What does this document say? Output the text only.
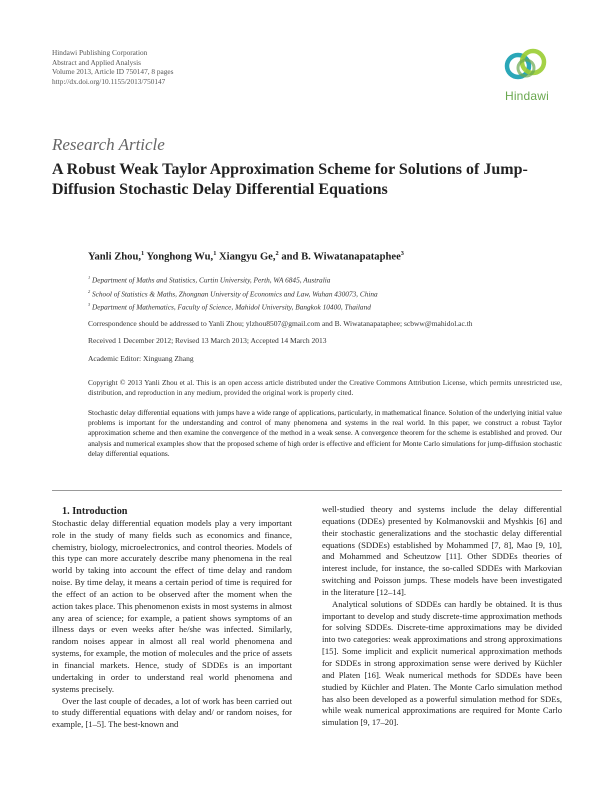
Hindawi Publishing Corporation
Abstract and Applied Analysis
Volume 2013, Article ID 750147, 8 pages
http://dx.doi.org/10.1155/2013/750147
Hindawi
Research Article
A Robust Weak Taylor Approximation Scheme for Solutions of Jump-Diffusion Stochastic Delay Differential Equations
Yanli Zhou,$^1$ Yonghong Wu,$^1$ Xiangyu Ge,$^2$ and B. Wiwatanapataphee$^3$
$^1$ Department of Maths and Statistics, Curtin University, Perth, WA 6845, Australia
$^2$ School of Statistics & Maths, Zhongnan University of Economics and Law, Wuhan 430073, China
$^3$ Department of Mathematics, Faculty of Science, Mahidol University, Bangkok 10400, Thailand
Correspondence should be addressed to Yanli Zhou; ylzhou8507@gmail.com and B. Wiwatanapataphee; scbww@mahidol.ac.th
Received 1 December 2012; Revised 13 March 2013; Accepted 14 March 2013
Academic Editor: Xinguang Zhang
Copyright © 2013 Yanli Zhou et al. This is an open access article distributed under the Creative Commons Attribution License, which permits unrestricted use, distribution, and reproduction in any medium, provided the original work is properly cited.
Stochastic delay differential equations with jumps have a wide range of applications, particularly, in mathematical finance. Solution of the underlying initial value problems is important for the understanding and control of many phenomena and systems in the real world. In this paper, we construct a robust Taylor approximation scheme and then examine the convergence of the method in a weak sense. A convergence theorem for the scheme is established and proved. Our analysis and numerical examples show that the proposed scheme of high order is effective and efficient for Monte Carlo simulations for jump-diffusion stochastic delay differential equations.

1. Introduction

Stochastic delay differential equation models play a very important role in the study of many fields such as economics and finance, chemistry, biology, microelectronics, and control theories. Models of this type can more accurately describe many phenomena in the real world by taking into account the effect of time delay and random noise. By time delay, it means a certain period of time is required for the effect of an action to be observed after the moment when the action takes place. This phenomenon exists in most systems in almost any area of science; for example, a patient shows symptoms of an illness days or even weeks after he/she was infected. Similarly, random noises appear in almost all real world phenomena and systems, for example, the motion of molecules and the price of assets in financial markets. Hence, study of SDDEs is an important undertaking in order to understand real world phenomena and systems precisely.

Over the last couple of decades, a lot of work has been carried out to study differential equations with delay and/ or random noises, for example, [1–5]. The best-known and

well-studied theory and systems include the delay differential equations (DDEs) presented by Kolmanovskii and Myshkis [6] and their stochastic generalizations and the stochastic delay differential equations (SDDEs) established by Mohammed [7, 8], Mao [9, 10], and Mohammed and Scheutzow [11]. Other SDDEs theories of interest include, for instance, the so-called SDDEs with Markovian switching and Poisson jumps. These models have been investigated in the literature [12–14].

Analytical solutions of SDDEs can hardly be obtained. It is thus important to develop and study discrete-time approximation methods for solving SDDEs. Discrete-time approximations may be divided into two categories: weak approximations and strong approximations [15]. Some implicit and explicit numerical approximation methods for SDDEs in strong approximation sense were derived by Küchler and Platen [16]. Weak numerical methods for SDDEs have been studied by Küchler and Platen. The Monte Carlo simulation method has also been developed as a powerful simulation method for SDEs, while weak numerical approximations are required for Monte Carlo simulation [9, 17–20].
